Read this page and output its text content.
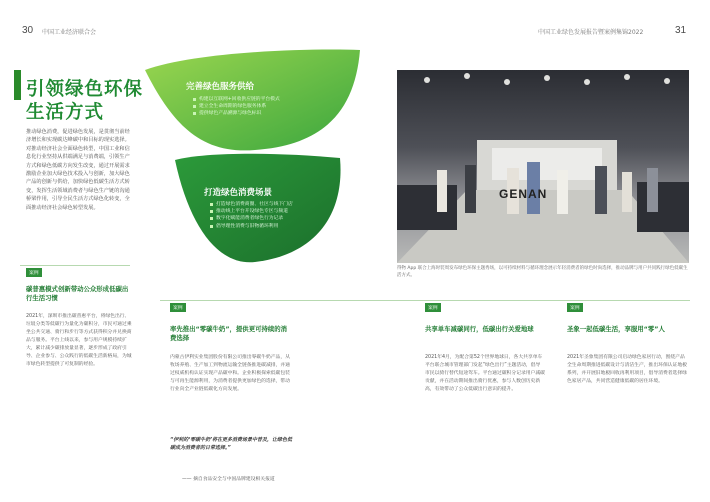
30 中国工业经济联合会	中国工业绿色发展报告暨案例集锦2022	31
引领绿色环保
生活方式
推动绿色消费，促进绿色发展，是贯彻当前经济增长和实现碳达峰碳中和目标的现实选择。对推动经济社会全面绿色转型，中国工业和信息化行业坚持从供端满足与消费端，引领生产方式和绿色低碳方向发生改变，通过开展需求激励企业加大绿色技术投入与创新，加大绿色产品的创新与供给，加快绿色低碳生活方式转变，发挥生活领域消费者与绿色生产链的沟通桥梁作用，引导全民生活方式绿色化转变，全面推动经济社会绿色转型发展。
完善绿色服务供给
构建以互联网+回收供应链的平台模式
建立全生命周期的绿色服务体系
提供绿色产品溯源与绿色标识
打造绿色消费场景
打造绿色消费商圈、社区与线下门店
推动线上平台开设绿色专区与频道
数字化赋能消费者绿色行为记录
倡导理性消费与旧物循环利用
GENAN
得物 App 联合上海时装周发布绿色环保主题秀场，以可持续材料与循环理念展示年轻消费者的绿色时尚选择，推动品牌与用户共同践行绿色低碳生活方式。
案例
碳普惠模式创新带动公众形成低碳出行生活习惯
2021年，深圳市推出碳普惠平台，将绿色出行、垃圾分类等低碳行为量化为碳积分，市民可通过乘坐公共交通、骑行和步行等方式获得积分并兑换商品与服务。平台上线以来，参与用户规模持续扩大，累计减少碳排放量显著，逐步形成了政府引导、企业参与、公众践行的低碳生活新格局，为城市绿色转型提供了可复制的经验。
案例
率先推出“零碳牛奶”，提供更可持续的消费选择
内蒙古伊利实业集团股份有限公司推出零碳牛奶产品，从牧场养殖、生产加工到物流运输全链条推进碳减排，并通过权威机构认证实现产品碳中和。企业积极探索低碳包装与可再生能源利用，为消费者提供更加绿色的选择，带动行业向全产业链低碳化方向发展。
“伊利的‘零碳牛奶’将在更多消费场景中普及，让绿色低碳成为消费者的日常选择。”
—— 摘自食品安全与中国品牌建设相关报道
案例
共享单车减碳同行，低碳出行关爱地球
2021年4月，为配合第52个世界地球日，各大共享单车平台联合城市管理部门发起“绿色出行”主题活动，倡导市民以骑行替代短途驾车。平台通过碳积分记录用户减碳贡献，并在活动期间推出骑行优惠，参与人数创历史新高，有效带动了公众低碳出行意识的提升。
案例
圣象一起低碳生活，享服用“零”人
2021年圣象集团有限公司启动绿色家居行动，围绕产品全生命周期推进低碳设计与清洁生产，推出环保认证地板系列，并开展旧地板回收再利用项目，倡导消费者选择绿色家居产品，共同营造健康低碳的居住环境。
